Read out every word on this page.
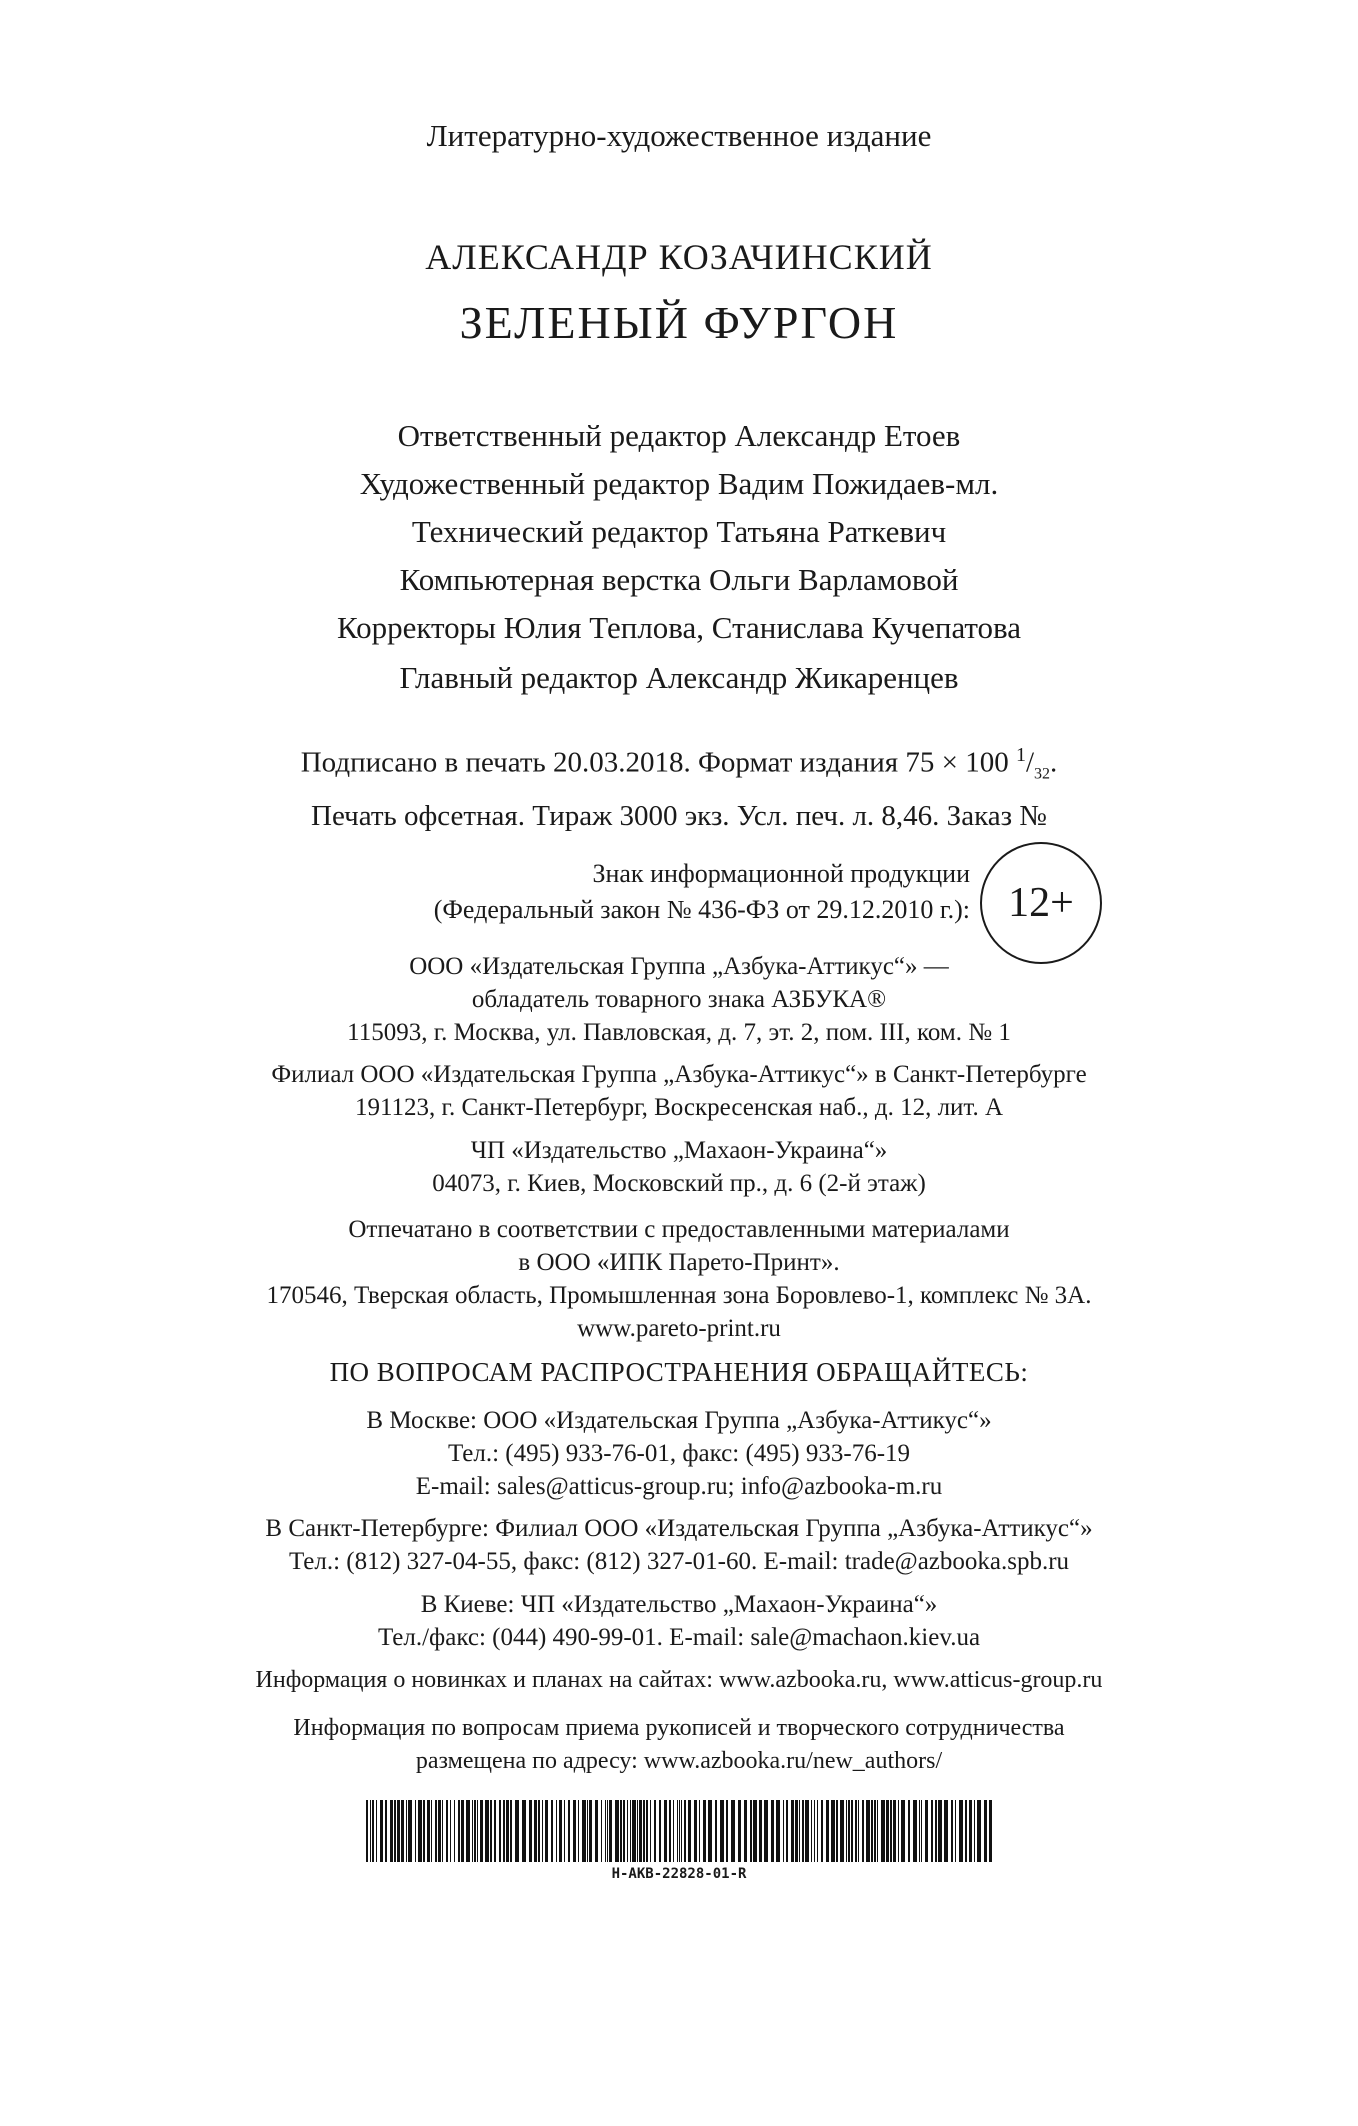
Литературно-художественное издание
АЛЕКСАНДР КОЗАЧИНСКИЙ
ЗЕЛЕНЫЙ ФУРГОН
Ответственный редактор Александр Етоев
Художественный редактор Вадим Пожидаев-мл.
Технический редактор Татьяна Раткевич
Компьютерная верстка Ольги Варламовой
Корректоры Юлия Теплова, Станислава Кучепатова
Главный редактор Александр Жикаренцев
Подписано в печать 20.03.2018. Формат издания 75 × 100 $^1/_{32}$.
Печать офсетная. Тираж 3000 экз. Усл. печ. л. 8,46. Заказ №
Знак информационной продукции
(Федеральный закон № 436-ФЗ от 29.12.2010 г.): 12+
ООО «Издательская Группа „Азбука-Аттикус“» —
обладатель товарного знака АЗБУКА®
115093, г. Москва, ул. Павловская, д. 7, эт. 2, пом. III, ком. № 1
Филиал ООО «Издательская Группа „Азбука-Аттикус“» в Санкт-Петербурге
191123, г. Санкт-Петербург, Воскресенская наб., д. 12, лит. А
ЧП «Издательство „Махаон-Украина“»
04073, г. Киев, Московский пр., д. 6 (2-й этаж)
Отпечатано в соответствии с предоставленными материалами
в ООО «ИПК Парето-Принт».
170546, Тверская область, Промышленная зона Боровлево-1, комплекс № 3А.
www.pareto-print.ru
ПО ВОПРОСАМ РАСПРОСТРАНЕНИЯ ОБРАЩАЙТЕСЬ:
В Москве: ООО «Издательская Группа „Азбука-Аттикус“»
Тел.: (495) 933-76-01, факс: (495) 933-76-19
E-mail: sales@atticus-group.ru; info@azbooka-m.ru
В Санкт-Петербурге: Филиал ООО «Издательская Группа „Азбука-Аттикус“»
Тел.: (812) 327-04-55, факс: (812) 327-01-60. E-mail: trade@azbooka.spb.ru
В Киеве: ЧП «Издательство „Махаон-Украина“»
Тел./факс: (044) 490-99-01. E-mail: sale@machaon.kiev.ua
Информация о новинках и планах на сайтах: www.azbooka.ru, www.atticus-group.ru
Информация по вопросам приема рукописей и творческого сотрудничества
размещена по адресу: www.azbooka.ru/new_authors/
Н-АКВ-22828-01-R
